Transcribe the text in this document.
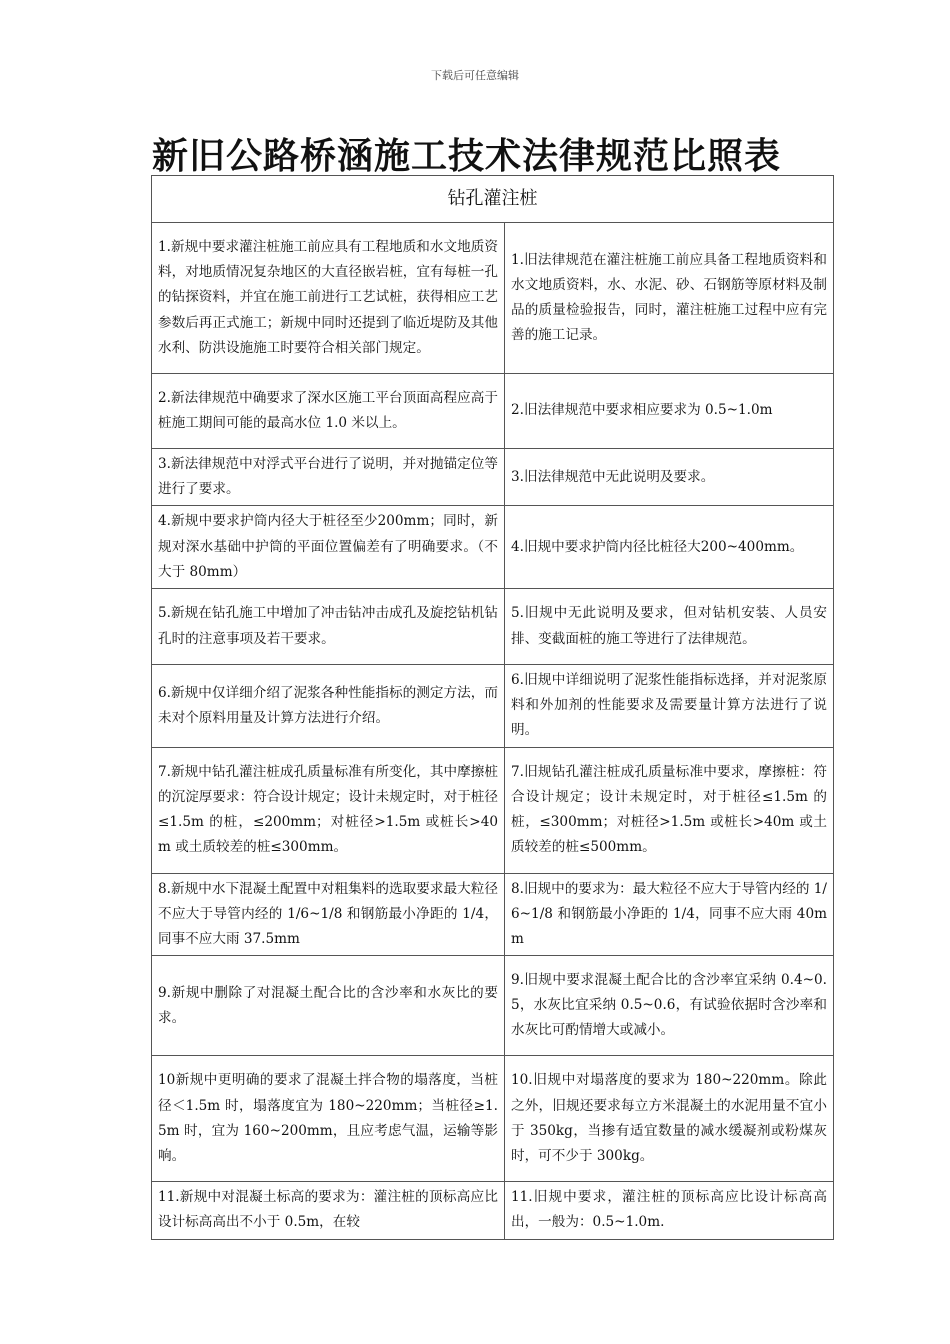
下载后可任意编辑
新旧公路桥涵施工技术法律规范比照表
钻孔灌注桩	
1.新规中要求灌注桩施工前应具有工程地质和水文地质资料，对地质情况复杂地区的大直径嵌岩桩，宜有每桩一孔的钻探资料，并宜在施工前进行工艺试桩，获得相应工艺参数后再正式施工；新规中同时还提到了临近堤防及其他水利、防洪设施施工时要符合相关部门规定。	1.旧法律规范在灌注桩施工前应具备工程地质资料和水文地质资料，水、水泥、砂、石钢筋等原材料及制品的质量检验报告，同时，灌注桩施工过程中应有完善的施工记录。
2.新法律规范中确要求了深水区施工平台顶面高程应高于桩施工期间可能的最高水位 1.0 米以上。	2.旧法律规范中要求相应要求为 0.5~1.0m
3.新法律规范中对浮式平台进行了说明，并对抛锚定位等进行了要求。	3.旧法律规范中无此说明及要求。
4.新规中要求护筒内径大于桩径至少200mm；同时，新规对深水基础中护筒的平面位置偏差有了明确要求。（不大于 80mm）	4.旧规中要求护筒内径比桩径大200~400mm。
5.新规在钻孔施工中增加了冲击钻冲击成孔及旋挖钻机钻孔时的注意事项及若干要求。	5.旧规中无此说明及要求，但对钻机安装、人员安排、变截面桩的施工等进行了法律规范。
6.新规中仅详细介绍了泥浆各种性能指标的测定方法，而未对个原料用量及计算方法进行介绍。	6.旧规中详细说明了泥浆性能指标选择，并对泥浆原料和外加剂的性能要求及需要量计算方法进行了说明。
7.新规中钻孔灌注桩成孔质量标准有所变化，其中摩擦桩的沉淀厚要求：符合设计规定；设计未规定时，对于桩径≤1.5m 的桩，≤200mm；对桩径>1.5m 或桩长>40m 或土质较差的桩≤300mm。	7.旧规钻孔灌注桩成孔质量标准中要求，摩擦桩：符合设计规定；设计未规定时，对于桩径≤1.5m 的桩，≤300mm；对桩径>1.5m 或桩长>40m 或土质较差的桩≤500mm。
8.新规中水下混凝土配置中对粗集料的选取要求最大粒径不应大于导管内经的 1/6~1/8 和钢筋最小净距的 1/4，同事不应大雨 37.5mm	8.旧规中的要求为：最大粒径不应大于导管内经的 1/6~1/8 和钢筋最小净距的 1/4，同事不应大雨 40mm
9.新规中删除了对混凝土配合比的含沙率和水灰比的要求。	9.旧规中要求混凝土配合比的含沙率宜采纳 0.4~0.5，水灰比宜采纳 0.5~0.6，有试验依据时含沙率和水灰比可酌情增大或减小。
10新规中更明确的要求了混凝土拌合物的塌落度，当桩径＜1.5m 时，塌落度宜为 180~220mm；当桩径≥1.5m 时，宜为 160~200mm，且应考虑气温，运输等影响。	10.旧规中对塌落度的要求为 180~220mm。除此之外，旧规还要求每立方米混凝土的水泥用量不宜小于 350kg，当掺有适宜数量的减水缓凝剂或粉煤灰时，可不少于 300kg。
11.新规中对混凝土标高的要求为：灌注桩的顶标高应比设计标高高出不小于 0.5m，在较	11.旧规中要求，灌注桩的顶标高应比设计标高高出，一般为：0.5~1.0m.
